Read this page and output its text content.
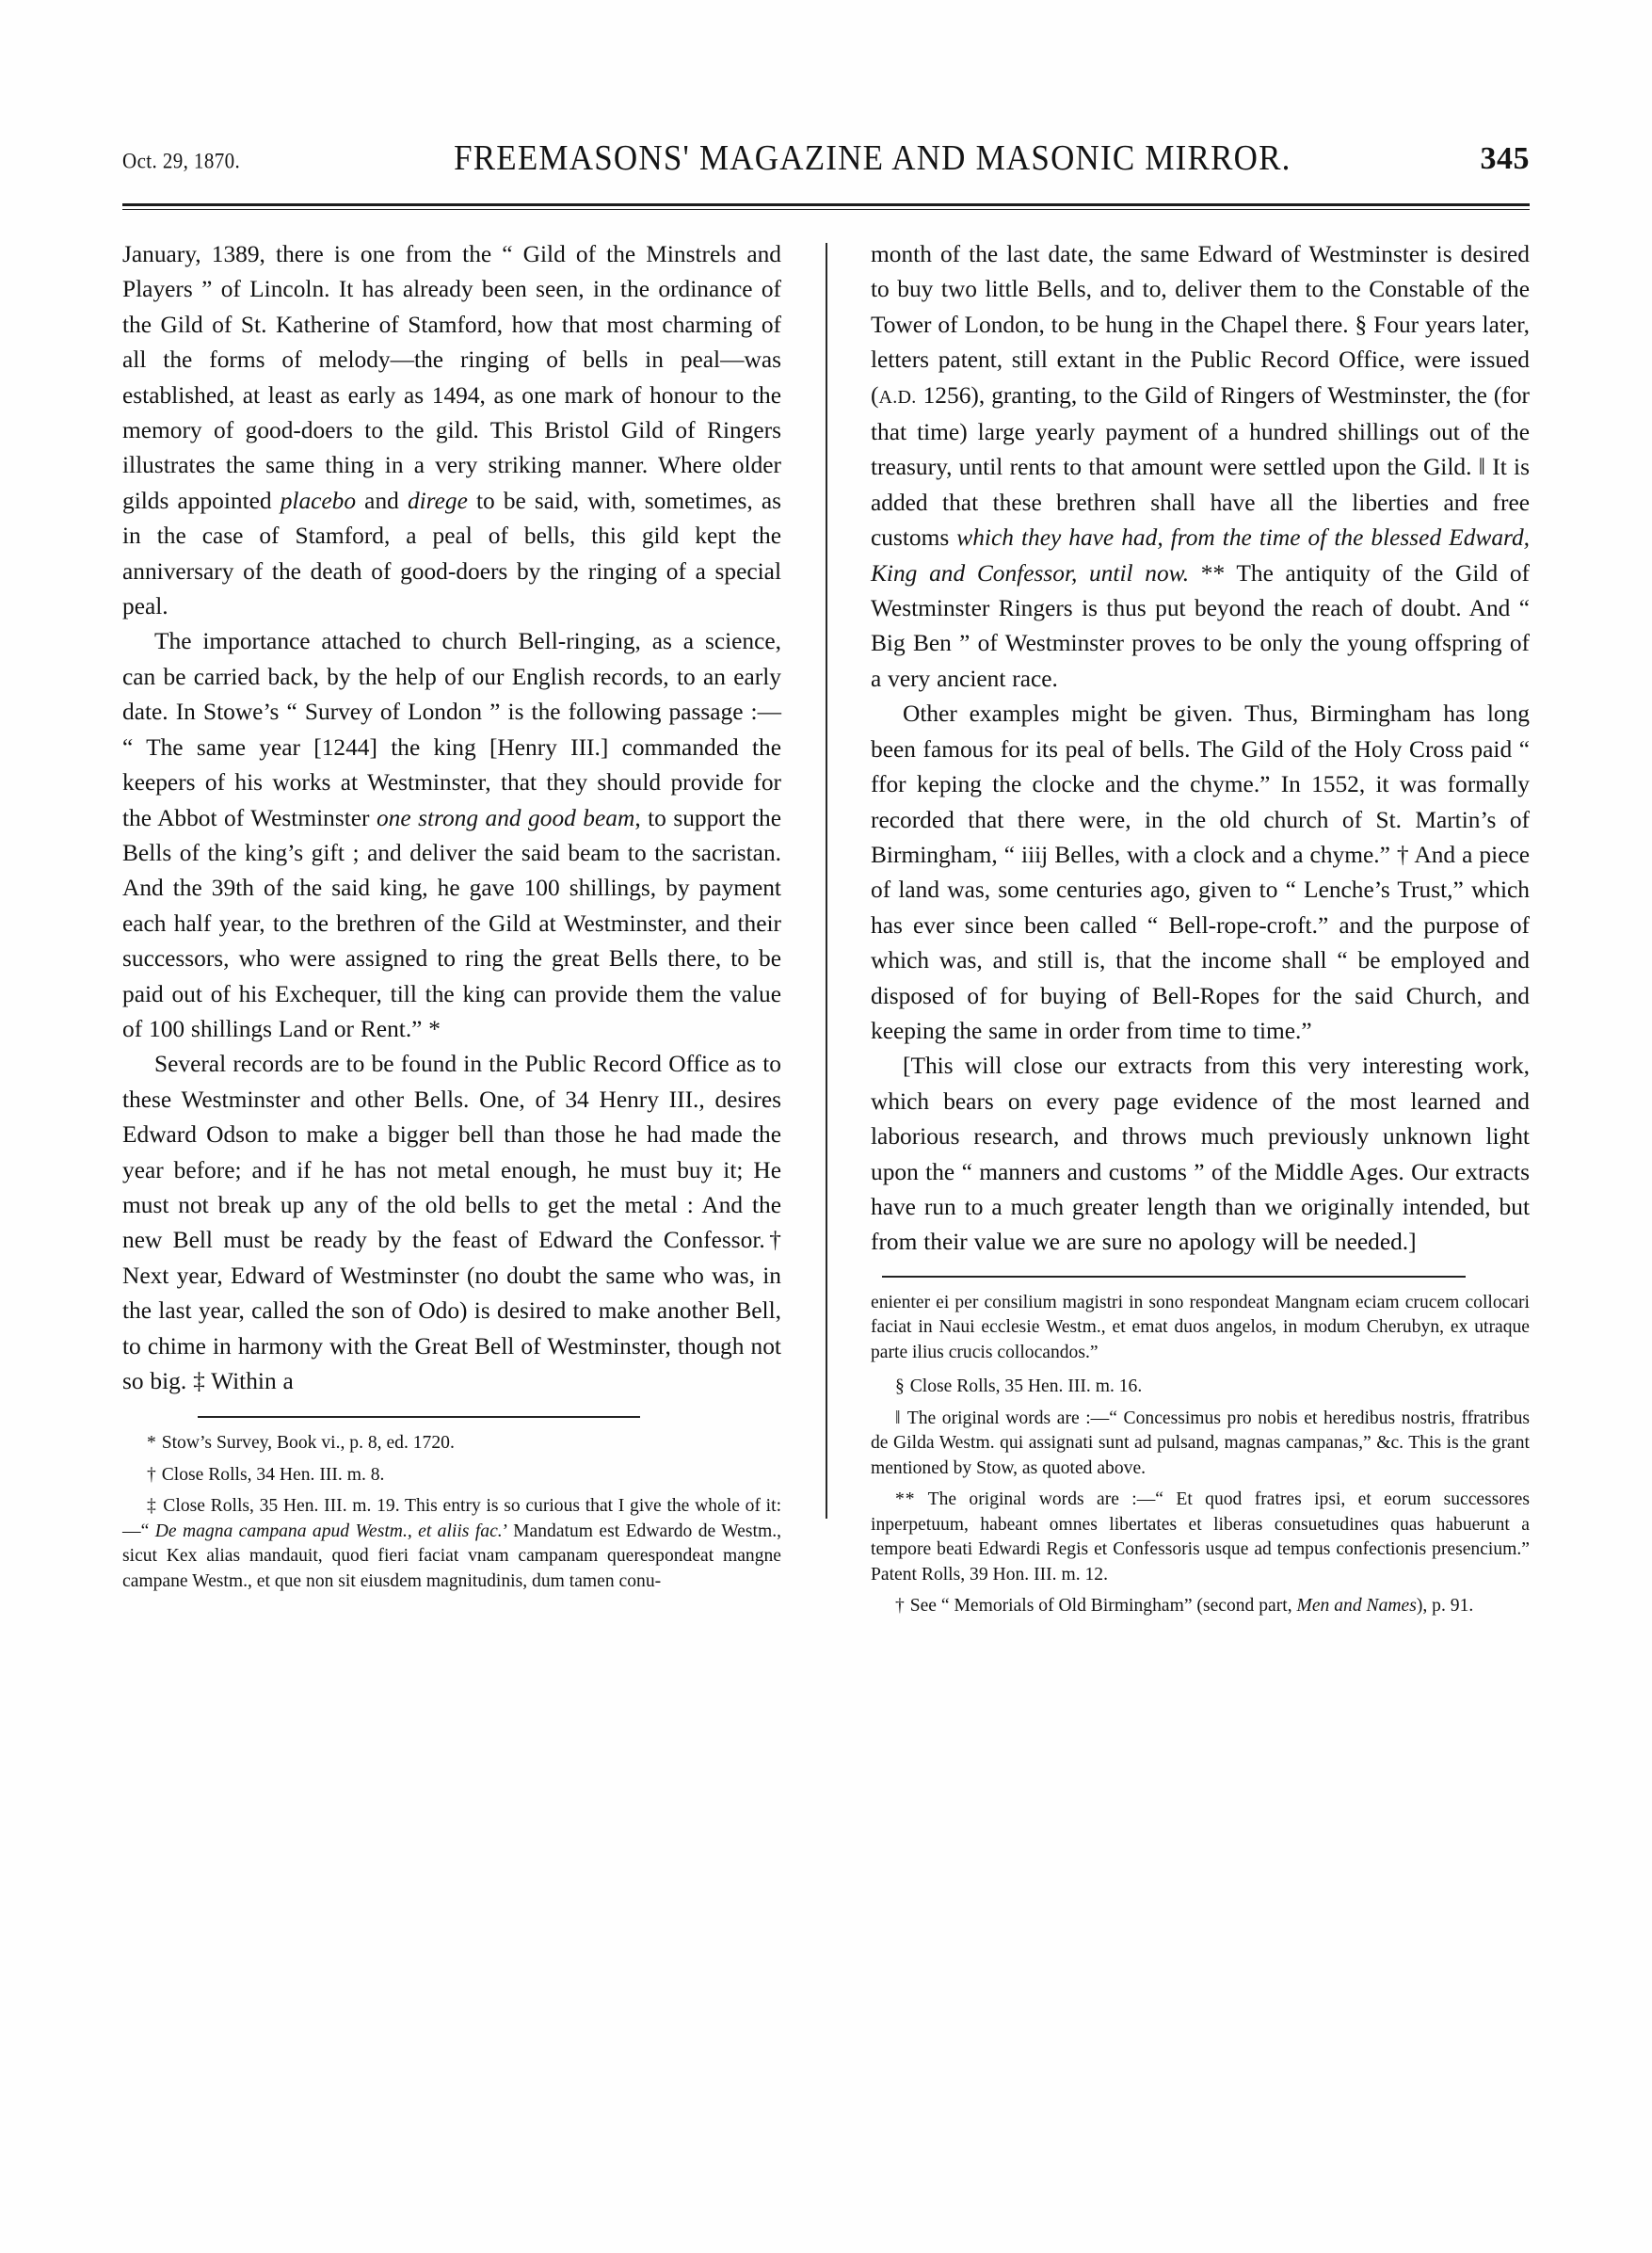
Oct. 29, 1870.	FREEMASONS' MAGAZINE AND MASONIC MIRROR.	345

January, 1389, there is one from the “ Gild of the Minstrels and Players ” of Lincoln. It has already been seen, in the ordinance of the Gild of St. Katherine of Stamford, how that most charming of all the forms of melody—the ringing of bells in peal—was established, at least as early as 1494, as one mark of honour to the memory of good-doers to the gild. This Bristol Gild of Ringers illustrates the same thing in a very striking manner. Where older gilds appointed placebo and direge to be said, with, sometimes, as in the case of Stamford, a peal of bells, this gild kept the anniversary of the death of good-doers by the ringing of a special peal.

The importance attached to church Bell-ringing, as a science, can be carried back, by the help of our English records, to an early date. In Stowe’s “ Survey of London ” is the following passage :— “ The same year [1244] the king [Henry III.] commanded the keepers of his works at Westminster, that they should provide for the Abbot of Westminster one strong and good beam, to support the Bells of the king’s gift ; and deliver the said beam to the sacristan. And the 39th of the said king, he gave 100 shillings, by payment each half year, to the brethren of the Gild at Westminster, and their successors, who were assigned to ring the great Bells there, to be paid out of his Exchequer, till the king can provide them the value of 100 shillings Land or Rent.” *

Several records are to be found in the Public Record Office as to these Westminster and other Bells. One, of 34 Henry III., desires Edward Odson to make a bigger bell than those he had made the year before; and if he has not metal enough, he must buy it; He must not break up any of the old bells to get the metal : And the new Bell must be ready by the feast of Edward the Confessor.† Next year, Edward of Westminster (no doubt the same who was, in the last year, called the son of Odo) is desired to make another Bell, to chime in harmony with the Great Bell of Westminster, though not so big. ‡ Within a

* Stow’s Survey, Book vi., p. 8, ed. 1720.

† Close Rolls, 34 Hen. III. m. 8.

‡ Close Rolls, 35 Hen. III. m. 19. This entry is so curious that I give the whole of it:—“ De magna campana apud Westm., et aliis fac.’ Mandatum est Edwardo de Westm., sicut Kex alias mandauit, quod fieri faciat vnam campanam querespondeat mangne campane Westm., et que non sit eiusdem magnitudinis, dum tamen conu-

month of the last date, the same Edward of Westminster is desired to buy two little Bells, and to, deliver them to the Constable of the Tower of London, to be hung in the Chapel there. § Four years later, letters patent, still extant in the Public Record Office, were issued (A.D. 1256), granting, to the Gild of Ringers of Westminster, the (for that time) large yearly payment of a hundred shillings out of the treasury, until rents to that amount were settled upon the Gild. ‖ It is added that these brethren shall have all the liberties and free customs which they have had, from the time of the blessed Edward, King and Confessor, until now. ** The antiquity of the Gild of Westminster Ringers is thus put beyond the reach of doubt. And “ Big Ben ” of Westminster proves to be only the young offspring of a very ancient race.

Other examples might be given. Thus, Birmingham has long been famous for its peal of bells. The Gild of the Holy Cross paid “ ffor keping the clocke and the chyme.” In 1552, it was formally recorded that there were, in the old church of St. Martin’s of Birmingham, “ iiij Belles, with a clock and a chyme.” † And a piece of land was, some centuries ago, given to “ Lenche’s Trust,” which has ever since been called “ Bell-rope-croft.” and the purpose of which was, and still is, that the income shall “ be employed and disposed of for buying of Bell-Ropes for the said Church, and keeping the same in order from time to time.”

[This will close our extracts from this very interesting work, which bears on every page evidence of the most learned and laborious research, and throws much previously unknown light upon the “ manners and customs ” of the Middle Ages. Our extracts have run to a much greater length than we originally intended, but from their value we are sure no apology will be needed.]

enienter ei per consilium magistri in sono respondeat Mangnam eciam crucem collocari faciat in Naui ecclesie Westm., et emat duos angelos, in modum Cherubyn, ex utraque parte ilius crucis collocandos.”

§ Close Rolls, 35 Hen. III. m. 16.

‖ The original words are :—“ Concessimus pro nobis et heredibus nostris, ffratribus de Gilda Westm. qui assignati sunt ad pulsand, magnas campanas,” &c. This is the grant mentioned by Stow, as quoted above.

** The original words are :—“ Et quod fratres ipsi, et eorum successores inperpetuum, habeant omnes libertates et liberas consuetudines quas habuerunt a tempore beati Edwardi Regis et Confessoris usque ad tempus confectionis presencium.” Patent Rolls, 39 Hon. III. m. 12.

† See “ Memorials of Old Birmingham” (second part, Men and Names), p. 91.
